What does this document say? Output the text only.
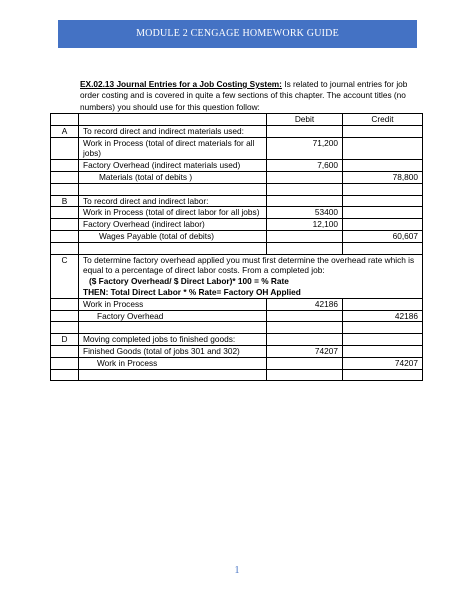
MODULE 2 CENGAGE HOMEWORK GUIDE
EX.02.13 Journal Entries for a Job Costing System: Is related to journal entries for job order costing and is covered in quite a few sections of this chapter. The account titles (no numbers) you should use for this question follow:
		Debit	Credit
A	To record direct and indirect materials used:		
	Work in Process (total of direct materials for all jobs)	71,200	
	Factory Overhead (indirect materials used)	7,600	
	Materials (total of debits )		78,800

B	To record direct and indirect labor:		
	Work in Process (total of direct labor for all jobs)	53400	
	Factory Overhead (indirect labor)	12,100	
	Wages Payable (total of debits)		60,607

C	To determine factory overhead applied you must first determine the overhead rate which is equal to a percentage of direct labor costs. From a completed job:
($ Factory Overhead/ $ Direct Labor)* 100 = % Rate
THEN: Total Direct Labor * % Rate= Factory OH Applied		

	Work in Process	42186	
	Factory Overhead		42186

D	Moving completed jobs to finished goods:		
	Finished Goods (total of jobs 301 and 302)	74207	
	Work in Process		74207

1
